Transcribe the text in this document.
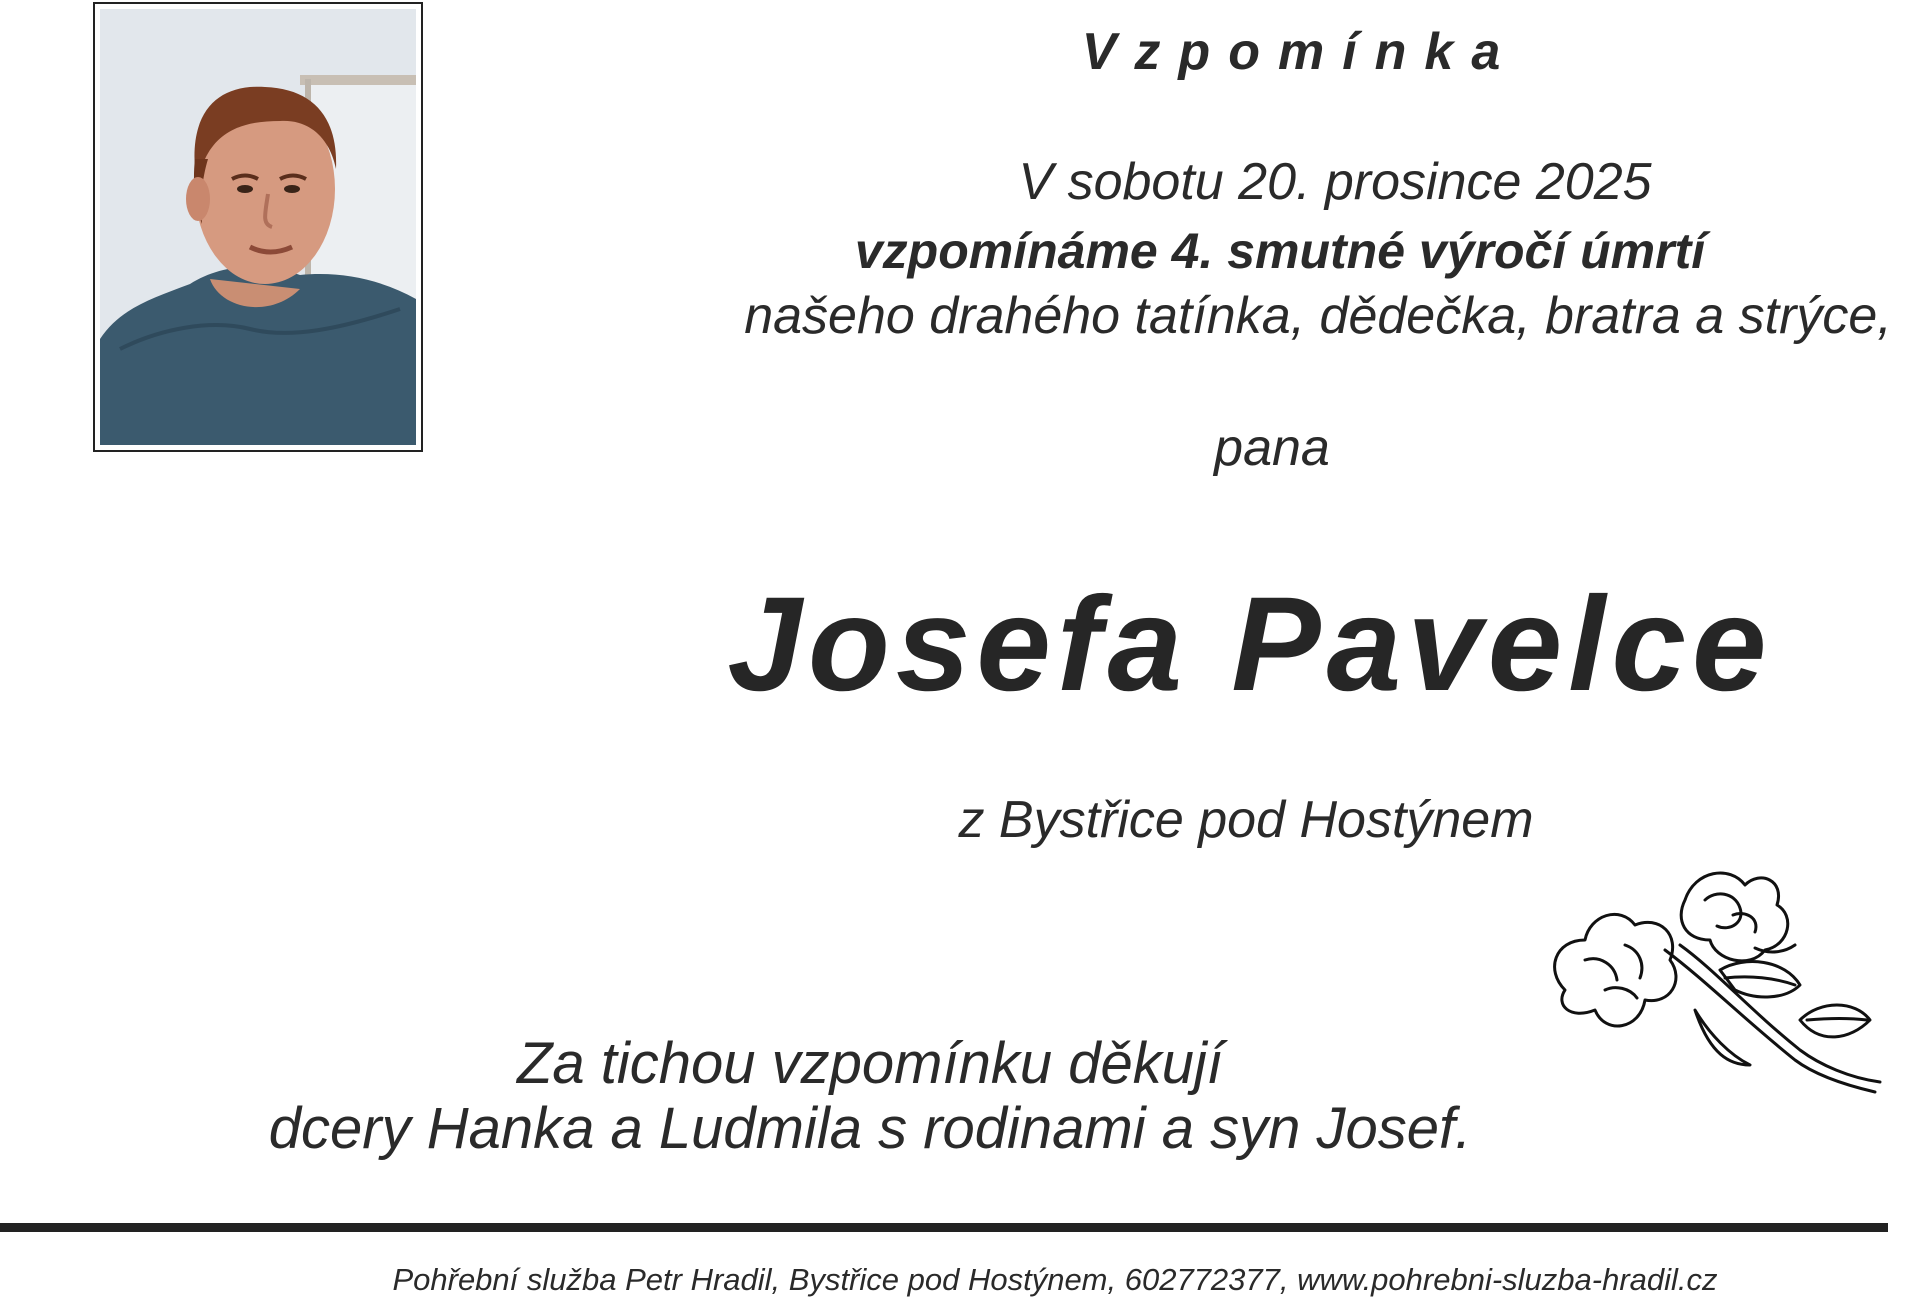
Vzpomínka
V sobotu 20. prosince 2025
vzpomínáme 4. smutné výročí úmrtí
našeho drahého tatínka, dědečka, bratra a strýce,
pana
Josefa Pavelce
z Bystřice pod Hostýnem
Za tichou vzpomínku děkují
dcery Hanka a Ludmila s rodinami a syn Josef.
Pohřební služba Petr Hradil, Bystřice pod Hostýnem, 602772377, www.pohrebni-sluzba-hradil.cz
